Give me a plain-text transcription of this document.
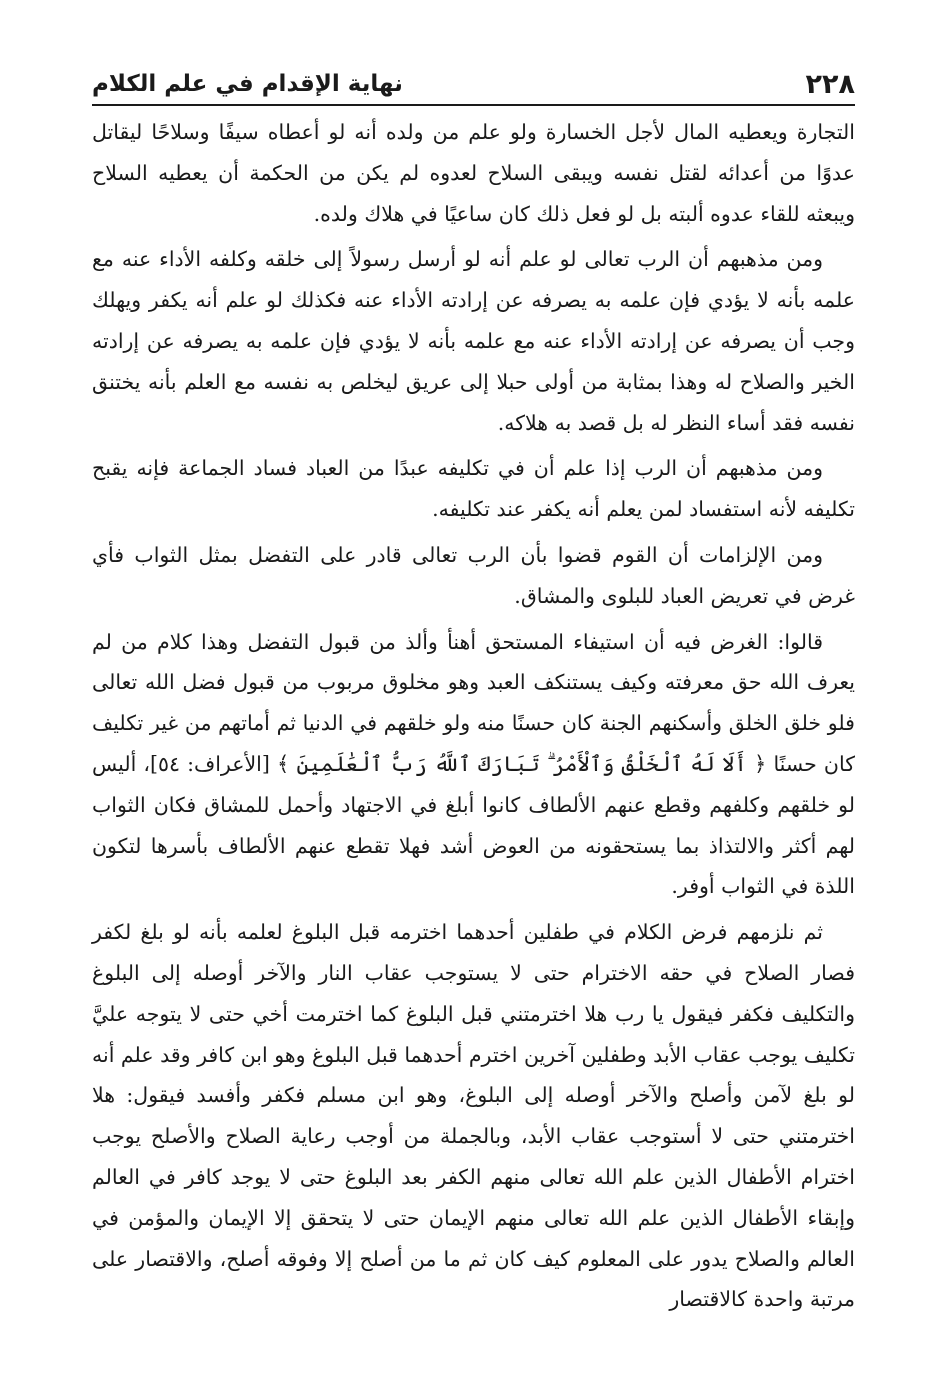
٢٢٨
نهاية الإقدام في علم الكلام

التجارة ويعطيه المال لأجل الخسارة ولو علم من ولده أنه لو أعطاه سيفًا وسلاحًا ليقاتل عدوًا من أعدائه لقتل نفسه ويبقى السلاح لعدوه لم يكن من الحكمة أن يعطيه السلاح ويبعثه للقاء عدوه ألبته بل لو فعل ذلك كان ساعيًا في هلاك ولده.

ومن مذهبهم أن الرب تعالى لو علم أنه لو أرسل رسولاً إلى خلقه وكلفه الأداء عنه مع علمه بأنه لا يؤدي فإن علمه به يصرفه عن إرادته الأداء عنه فكذلك لو علم أنه يكفر ويهلك وجب أن يصرفه عن إرادته الأداء عنه مع علمه بأنه لا يؤدي فإن علمه به يصرفه عن إرادته الخير والصلاح له وهذا بمثابة من أولى حبلا إلى عريق ليخلص به نفسه مع العلم بأنه يختنق نفسه فقد أساء النظر له بل قصد به هلاكه.

ومن مذهبهم أن الرب إذا علم أن في تكليفه عبدًا من العباد فساد الجماعة فإنه يقبح تكليفه لأنه استفساد لمن يعلم أنه يكفر عند تكليفه.

ومن الإلزامات أن القوم قضوا بأن الرب تعالى قادر على التفضل بمثل الثواب فأي غرض في تعريض العباد للبلوى والمشاق.

قالوا: الغرض فيه أن استيفاء المستحق أهنأ وألذ من قبول التفضل وهذا كلام من لم يعرف الله حق معرفته وكيف يستنكف العبد وهو مخلوق مربوب من قبول فضل الله تعالى فلو خلق الخلق وأسكنهم الجنة كان حسنًا منه ولو خلقهم في الدنيا ثم أماتهم من غير تكليف كان حسنًا ﴿ أَلَا لَهُ ٱلْخَلْقُ وَٱلْأَمْرُ ۗ تَبَارَكَ ٱللَّهُ رَبُّ ٱلْعَٰلَمِينَ ﴾ [الأعراف: ٥٤]، أليس لو خلقهم وكلفهم وقطع عنهم الألطاف كانوا أبلغ في الاجتهاد وأحمل للمشاق فكان الثواب لهم أكثر والالتذاذ بما يستحقونه من العوض أشد فهلا تقطع عنهم الألطاف بأسرها لتكون اللذة في الثواب أوفر.

ثم نلزمهم فرض الكلام في طفلين أحدهما اخترمه قبل البلوغ لعلمه بأنه لو بلغ لكفر فصار الصلاح في حقه الاخترام حتى لا يستوجب عقاب النار والآخر أوصله إلى البلوغ والتكليف فكفر فيقول يا رب هلا اخترمتني قبل البلوغ كما اخترمت أخي حتى لا يتوجه عليَّ تكليف يوجب عقاب الأبد وطفلين آخرين اخترم أحدهما قبل البلوغ وهو ابن كافر وقد علم أنه لو بلغ لآمن وأصلح والآخر أوصله إلى البلوغ، وهو ابن مسلم فكفر وأفسد فيقول: هلا اخترمتني حتى لا أستوجب عقاب الأبد، وبالجملة من أوجب رعاية الصلاح والأصلح يوجب اخترام الأطفال الذين علم الله تعالى منهم الكفر بعد البلوغ حتى لا يوجد كافر في العالم وإبقاء الأطفال الذين علم الله تعالى منهم الإيمان حتى لا يتحقق إلا الإيمان والمؤمن في العالم والصلاح يدور على المعلوم كيف كان ثم ما من أصلح إلا وفوقه أصلح، والاقتصار على مرتبة واحدة كالاقتصار
